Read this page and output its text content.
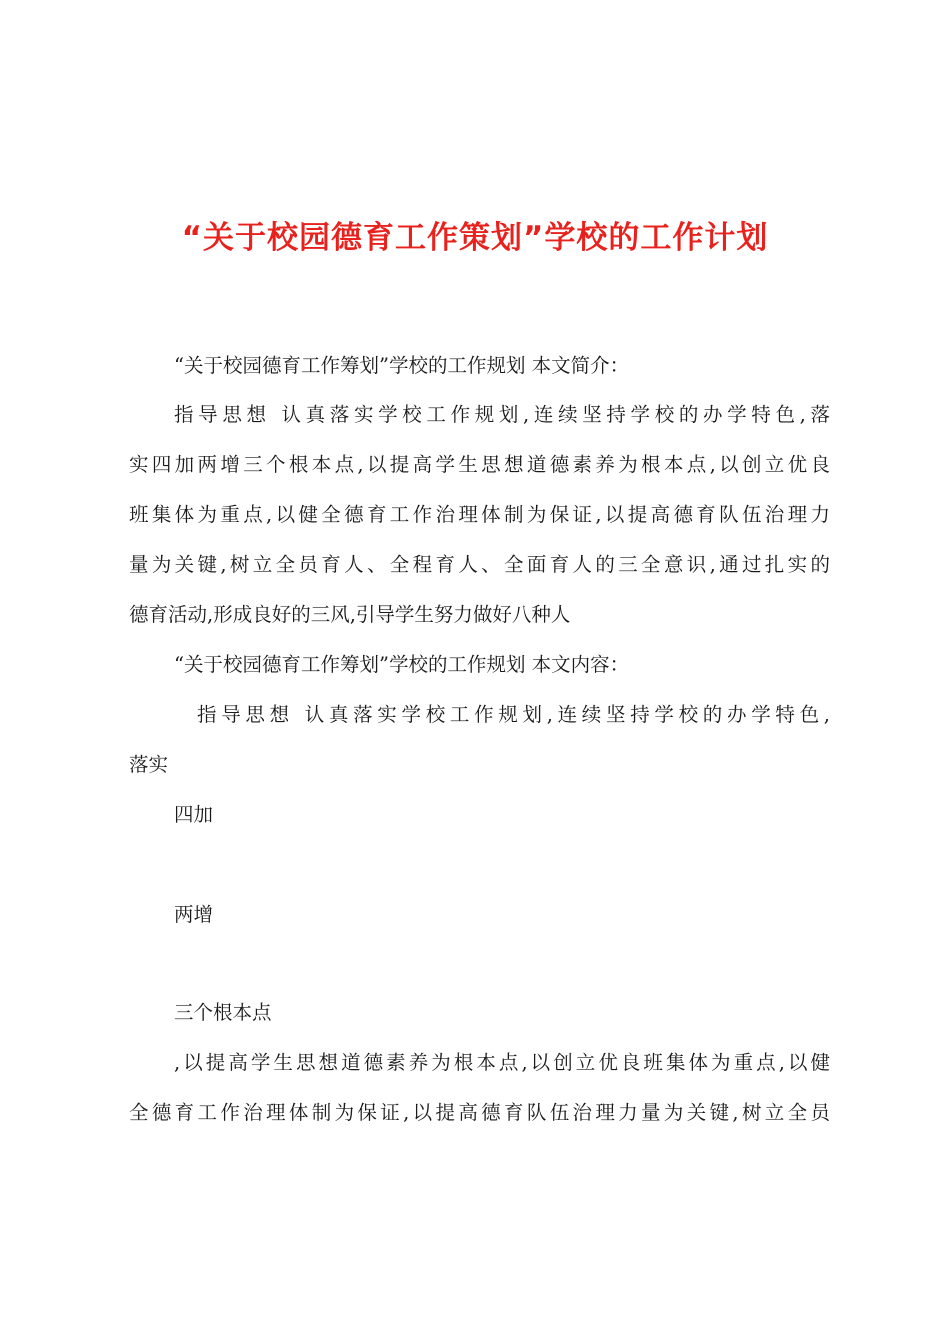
“关于校园德育工作策划”学校的工作计划

“关于校园德育工作筹划”学校的工作规划 本文简介：

指导思想 认真落实学校工作规划,连续坚持学校的办学特色,落

实四加两增三个根本点,以提高学生思想道德素养为根本点,以创立优良

班集体为重点,以健全德育工作治理体制为保证,以提高德育队伍治理力

量为关键,树立全员育人、全程育人、全面育人的三全意识,通过扎实的

德育活动,形成良好的三风,引导学生努力做好八种人

“关于校园德育工作筹划”学校的工作规划 本文内容：

指导思想 认真落实学校工作规划,连续坚持学校的办学特色,

落实

四加

两增

三个根本点

,以提高学生思想道德素养为根本点,以创立优良班集体为重点,以健

全德育工作治理体制为保证,以提高德育队伍治理力量为关键,树立全员
